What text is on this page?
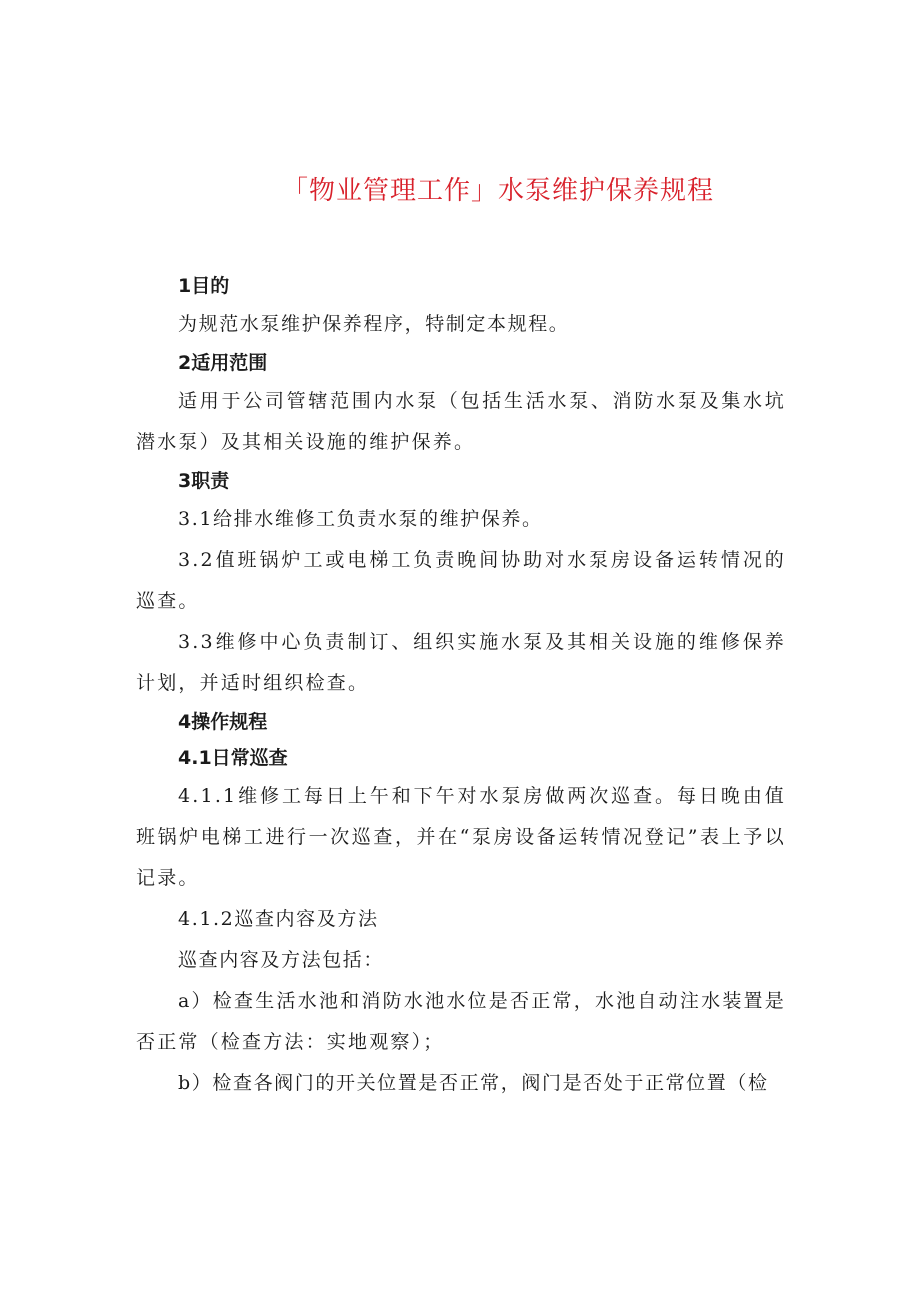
「物业管理工作」水泵维护保养规程
1目的
为规范水泵维护保养程序，特制定本规程。
2适用范围
适用于公司管辖范围内水泵（包括生活水泵、消防水泵及集水坑潜水泵）及其相关设施的维护保养。
3职责
3.1给排水维修工负责水泵的维护保养。
3.2值班锅炉工或电梯工负责晚间协助对水泵房设备运转情况的巡查。
3.3维修中心负责制订、组织实施水泵及其相关设施的维修保养计划，并适时组织检查。
4操作规程
4.1日常巡查
4.1.1维修工每日上午和下午对水泵房做两次巡查。每日晚由值班锅炉电梯工进行一次巡查，并在“泵房设备运转情况登记”表上予以记录。
4.1.2巡查内容及方法
巡查内容及方法包括：
a）检查生活水池和消防水池水位是否正常，水池自动注水装置是否正常（检查方法：实地观察）；
b）检查各阀门的开关位置是否正常，阀门是否处于正常位置（检
